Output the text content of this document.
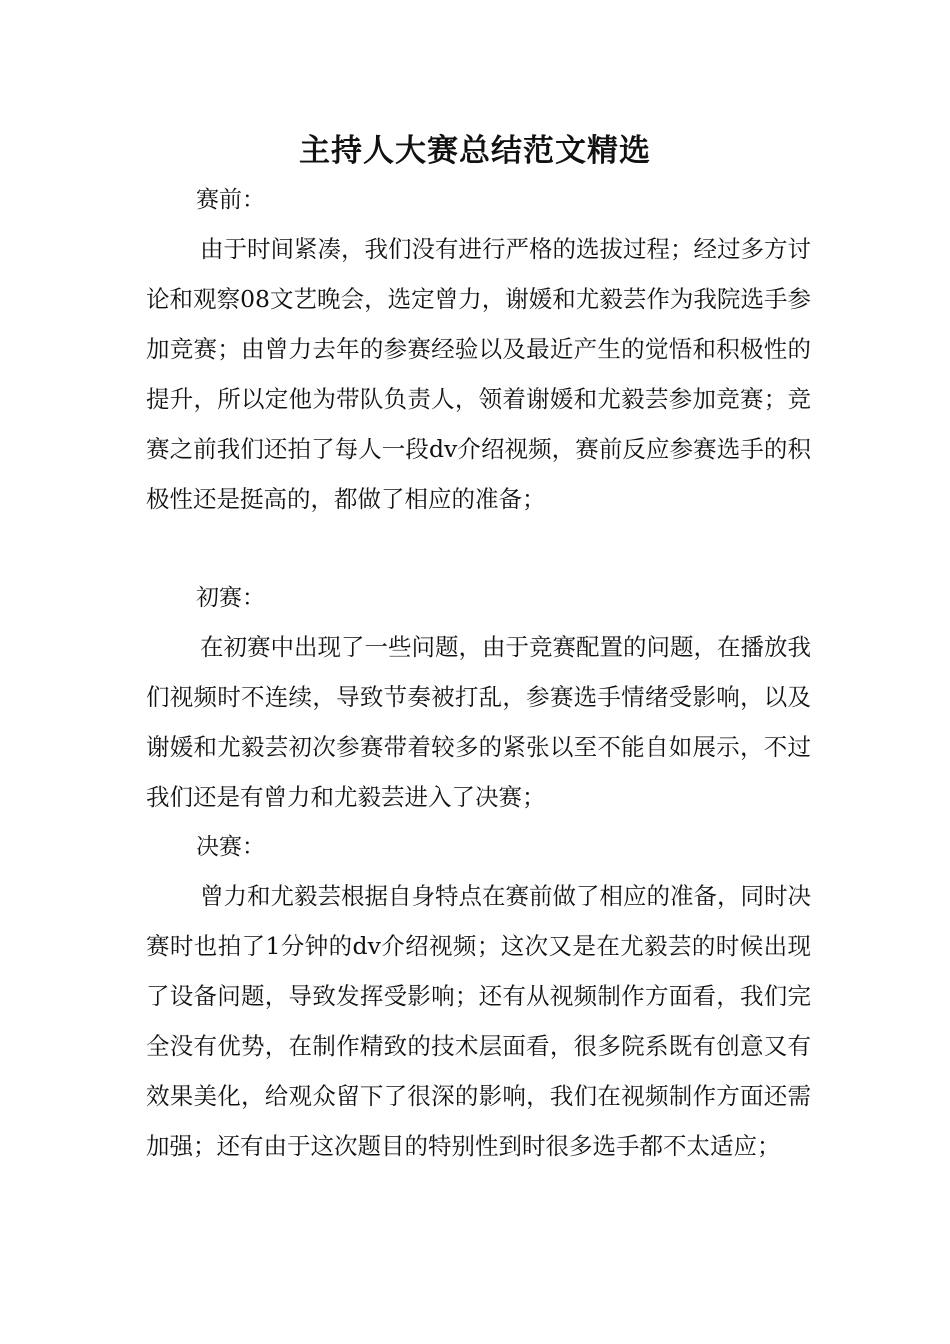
主持人大赛总结范文精选

赛前：

由于时间紧凑，我们没有进行严格的选拔过程；经过多方讨论和观察08文艺晚会，选定曾力，谢媛和尤毅芸作为我院选手参加竞赛；由曾力去年的参赛经验以及最近产生的觉悟和积极性的提升，所以定他为带队负责人，领着谢媛和尤毅芸参加竞赛；竞赛之前我们还拍了每人一段dv介绍视频，赛前反应参赛选手的积极性还是挺高的，都做了相应的准备；

初赛：

在初赛中出现了一些问题，由于竞赛配置的问题，在播放我们视频时不连续，导致节奏被打乱，参赛选手情绪受影响，以及谢媛和尤毅芸初次参赛带着较多的紧张以至不能自如展示，不过我们还是有曾力和尤毅芸进入了决赛；

决赛：

曾力和尤毅芸根据自身特点在赛前做了相应的准备，同时决赛时也拍了1分钟的dv介绍视频；这次又是在尤毅芸的时候出现了设备问题，导致发挥受影响；还有从视频制作方面看，我们完全没有优势，在制作精致的技术层面看，很多院系既有创意又有效果美化，给观众留下了很深的影响，我们在视频制作方面还需加强；还有由于这次题目的特别性到时很多选手都不太适应；
